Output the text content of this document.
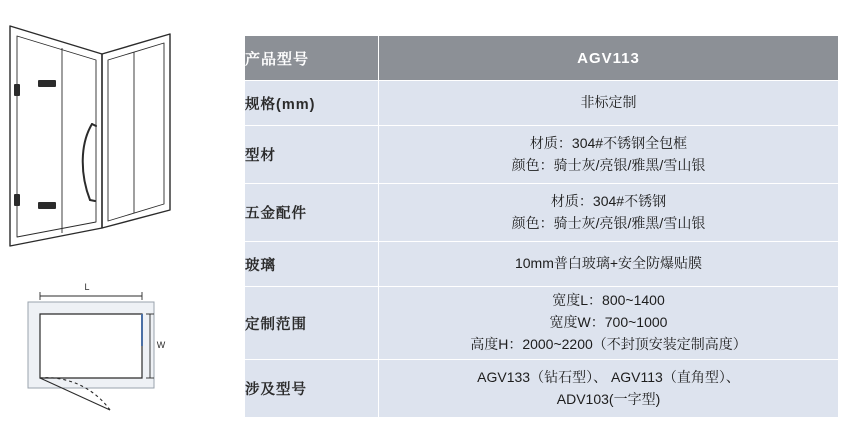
L
W
产品型号	AGV113
规格(mm)	非标定制

型材	材质：304#不锈钢全包框
颜色：骑士灰/亮银/雅黑/雪山银

五金配件	材质：304#不锈钢
颜色：骑士灰/亮银/雅黑/雪山银

玻璃	10mm普白玻璃+安全防爆贴膜

定制范围	宽度L：800~1400
宽度W：700~1000
高度H：2000~2200（不封顶安装定制高度）

涉及型号	AGV133（钻石型）、 AGV113（直角型）、
ADV103(一字型)
